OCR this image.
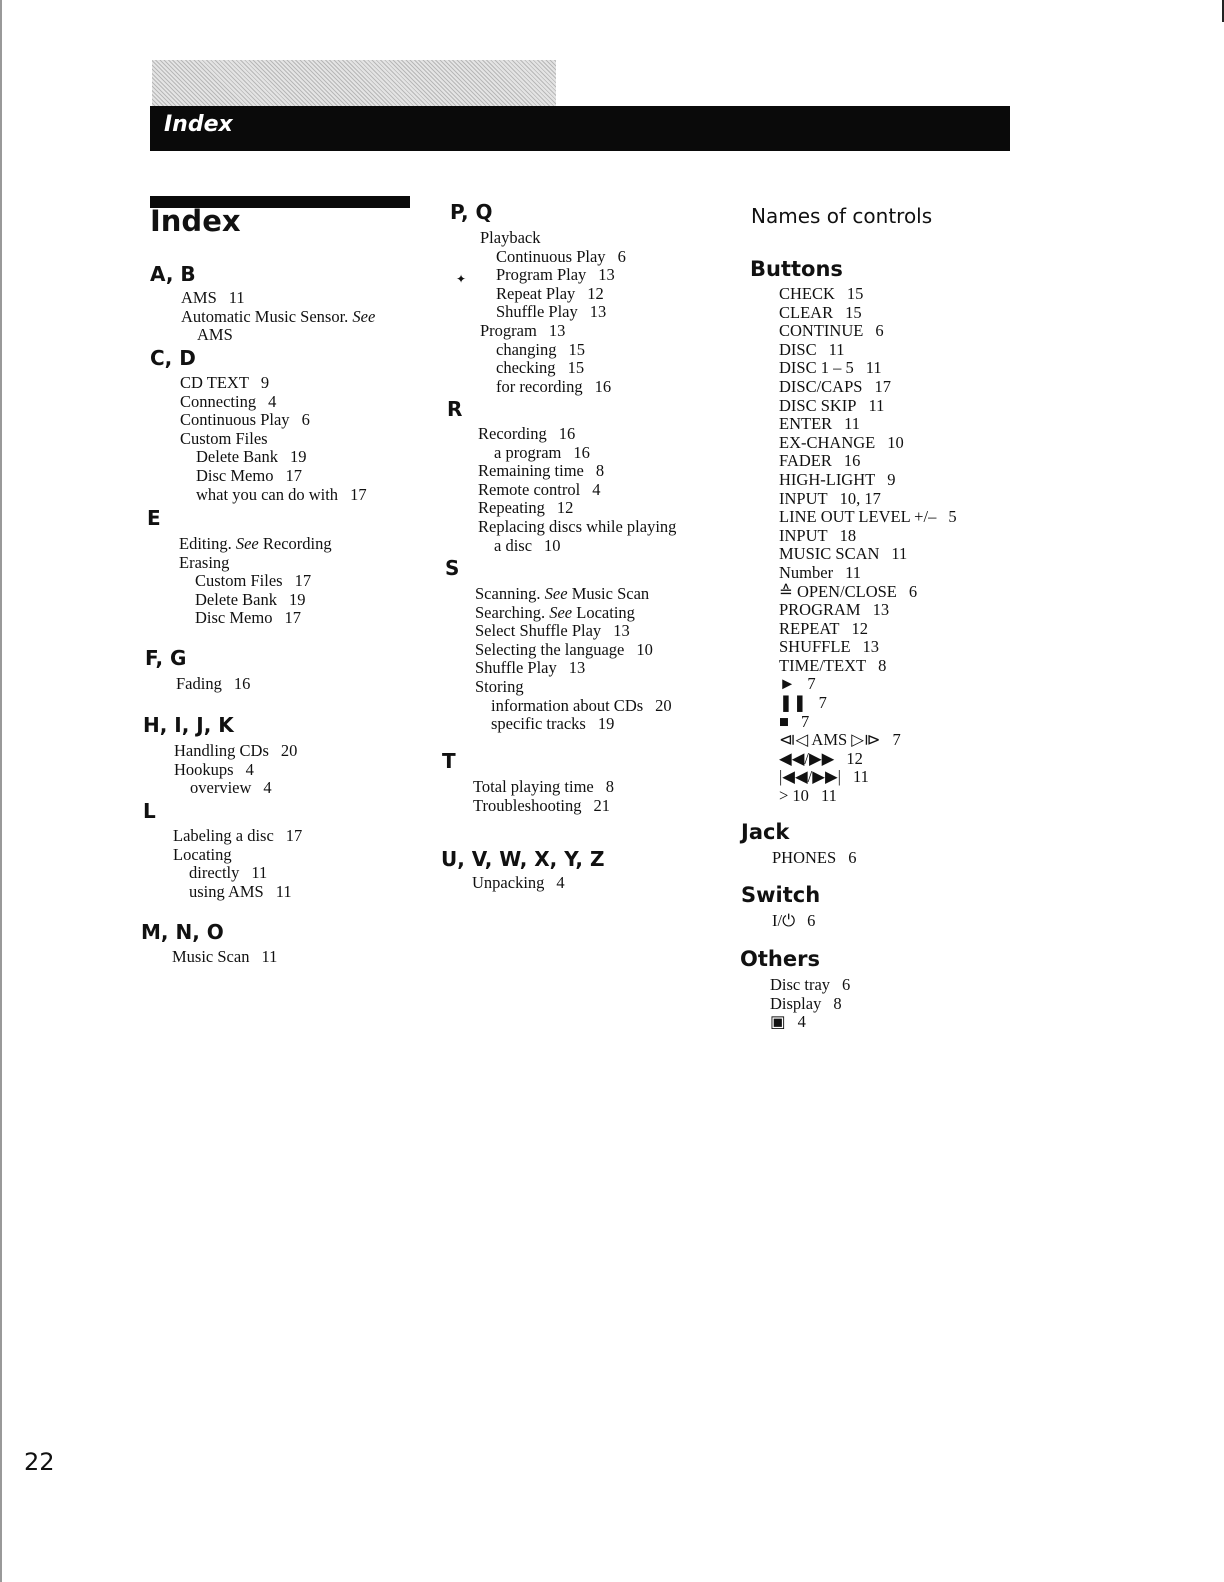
Index
Index
A, B
AMS 11
Automatic Music Sensor. See
AMS
C, D
CD TEXT 9
Connecting 4
Continuous Play 6
Custom Files
Delete Bank 19
Disc Memo 17
what you can do with 17
E
Editing. See Recording
Erasing
Custom Files 17
Delete Bank 19
Disc Memo 17
F, G
Fading 16
H, I, J, K
Handling CDs 20
Hookups 4
overview 4
L
Labeling a disc 17
Locating
directly 11
using AMS 11
M, N, O
Music Scan 11
P, Q
✦
Playback
Continuous Play 6
Program Play 13
Repeat Play 12
Shuffle Play 13
Program 13
changing 15
checking 15
for recording 16
R
Recording 16
a program 16
Remaining time 8
Remote control 4
Repeating 12
Replacing discs while playing
a disc 10
S
Scanning. See Music Scan
Searching. See Locating
Select Shuffle Play 13
Selecting the language 10
Shuffle Play 13
Storing
information about CDs 20
specific tracks 19
T
Total playing time 8
Troubleshooting 21
U, V, W, X, Y, Z
Unpacking 4
Names of controls
Buttons
CHECK 15
CLEAR 15
CONTINUE 6
DISC 11
DISC 1 – 5 11
DISC/CAPS 17
DISC SKIP 11
ENTER 11
EX-CHANGE 10
FADER 16
HIGH-LIGHT 9
INPUT 10, 17
LINE OUT LEVEL +/– 5
INPUT 18
MUSIC SCAN 11
Number 11
≙ OPEN/CLOSE 6
PROGRAM 13
REPEAT 12
SHUFFLE 13
TIME/TEXT 8
► 7
❚❚ 7
■ 7
⧏◁ AMS ▷⧐ 7
◀◀/▶▶ 12
|◀◀/▶▶| 11
> 10 11
Jack
PHONES 6
Switch
I/⏻ 6
Others
Disc tray 6
Display 8
▣ 4
22
